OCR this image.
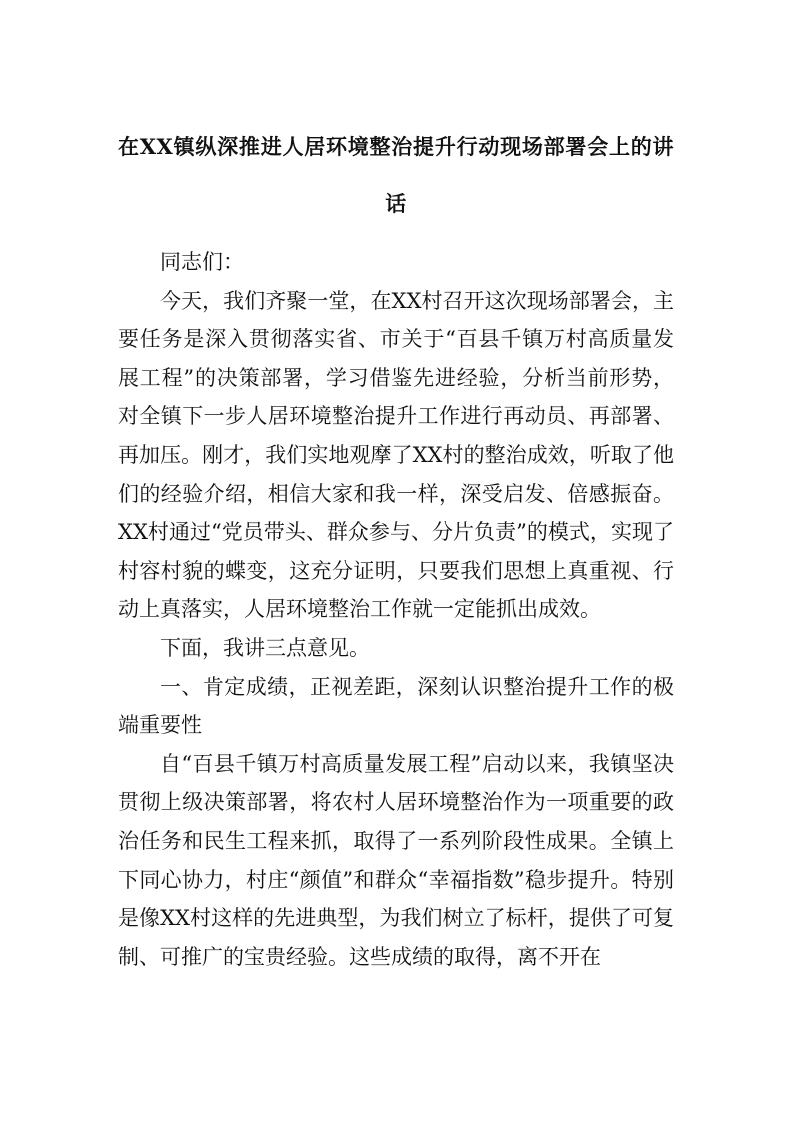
在XX镇纵深推进人居环境整治提升行动现场部署会上的讲话

同志们：

今天，我们齐聚一堂，在XX村召开这次现场部署会，主要任务是深入贯彻落实省、市关于“百县千镇万村高质量发展工程”的决策部署，学习借鉴先进经验，分析当前形势，对全镇下一步人居环境整治提升工作进行再动员、再部署、再加压。刚才，我们实地观摩了XX村的整治成效，听取了他们的经验介绍，相信大家和我一样，深受启发、倍感振奋。XX村通过“党员带头、群众参与、分片负责”的模式，实现了村容村貌的蝶变，这充分证明，只要我们思想上真重视、行动上真落实，人居环境整治工作就一定能抓出成效。

下面，我讲三点意见。

一、肯定成绩，正视差距，深刻认识整治提升工作的极端重要性

自“百县千镇万村高质量发展工程”启动以来，我镇坚决贯彻上级决策部署，将农村人居环境整治作为一项重要的政治任务和民生工程来抓，取得了一系列阶段性成果。全镇上下同心协力，村庄“颜值”和群众“幸福指数”稳步提升。特别是像XX村这样的先进典型，为我们树立了标杆，提供了可复制、可推广的宝贵经验。这些成绩的取得，离不开在
